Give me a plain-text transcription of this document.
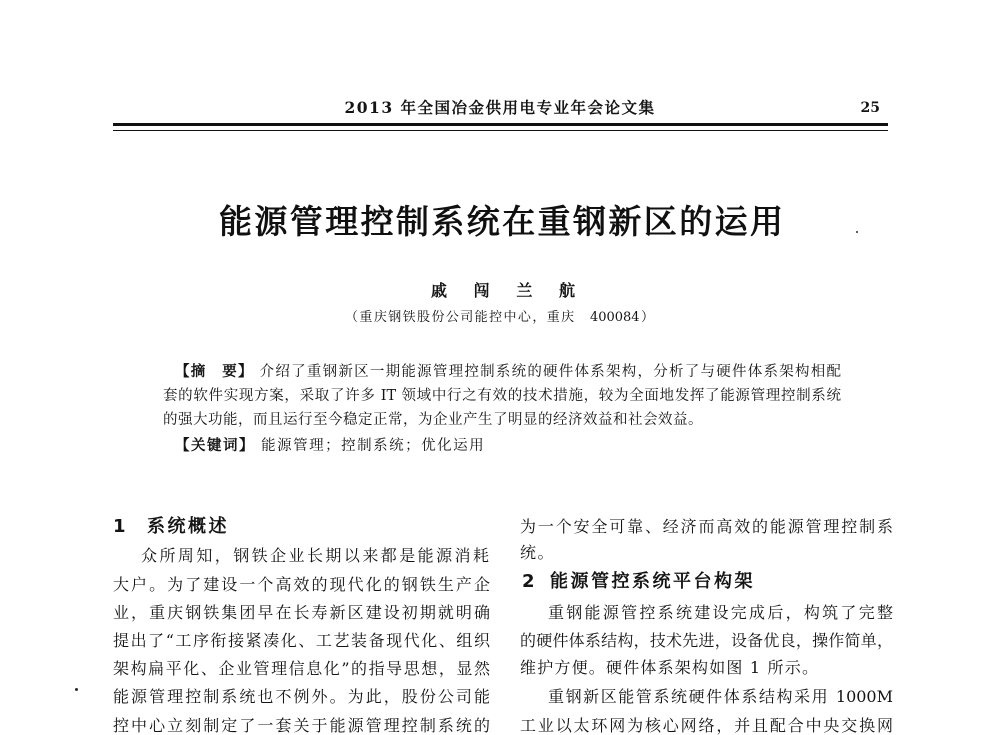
2013 年全国冶金供用电专业年会论文集	25
能源管理控制系统在重钢新区的运用
戚　闯　兰　航
（重庆钢铁股份公司能控中心，重庆　400084）
【摘　要】 介绍了重钢新区一期能源管理控制系统的硬件体系架构，分析了与硬件体系架构相配
套的软件实现方案，采取了许多 IT 领域中行之有效的技术措施，较为全面地发挥了能源管理控制系统
的强大功能，而且运行至今稳定正常，为企业产生了明显的经济效益和社会效益。
【关键词】 能源管理；控制系统；优化运用
1	系统概述
众所周知，钢铁企业长期以来都是能源消耗
大户。为了建设一个高效的现代化的钢铁生产企
业，重庆钢铁集团早在长寿新区建设初期就明确
提出了“工序衔接紧凑化、工艺装备现代化、组织
架构扁平化、企业管理信息化”的指导思想，显然
能源管理控制系统也不例外。为此，股份公司能
控中心立刻制定了一套关于能源管理控制系统的
为一个安全可靠、经济而高效的能源管理控制系
统。
2 能源管控系统平台构架
重钢能源管控系统建设完成后，构筑了完整
的硬件体系结构，技术先进，设备优良，操作简单，
维护方便。硬件体系架构如图 1 所示。
重钢新区能管系统硬件体系结构采用 1000M
工业以太环网为核心网络，并且配合中央交换网
